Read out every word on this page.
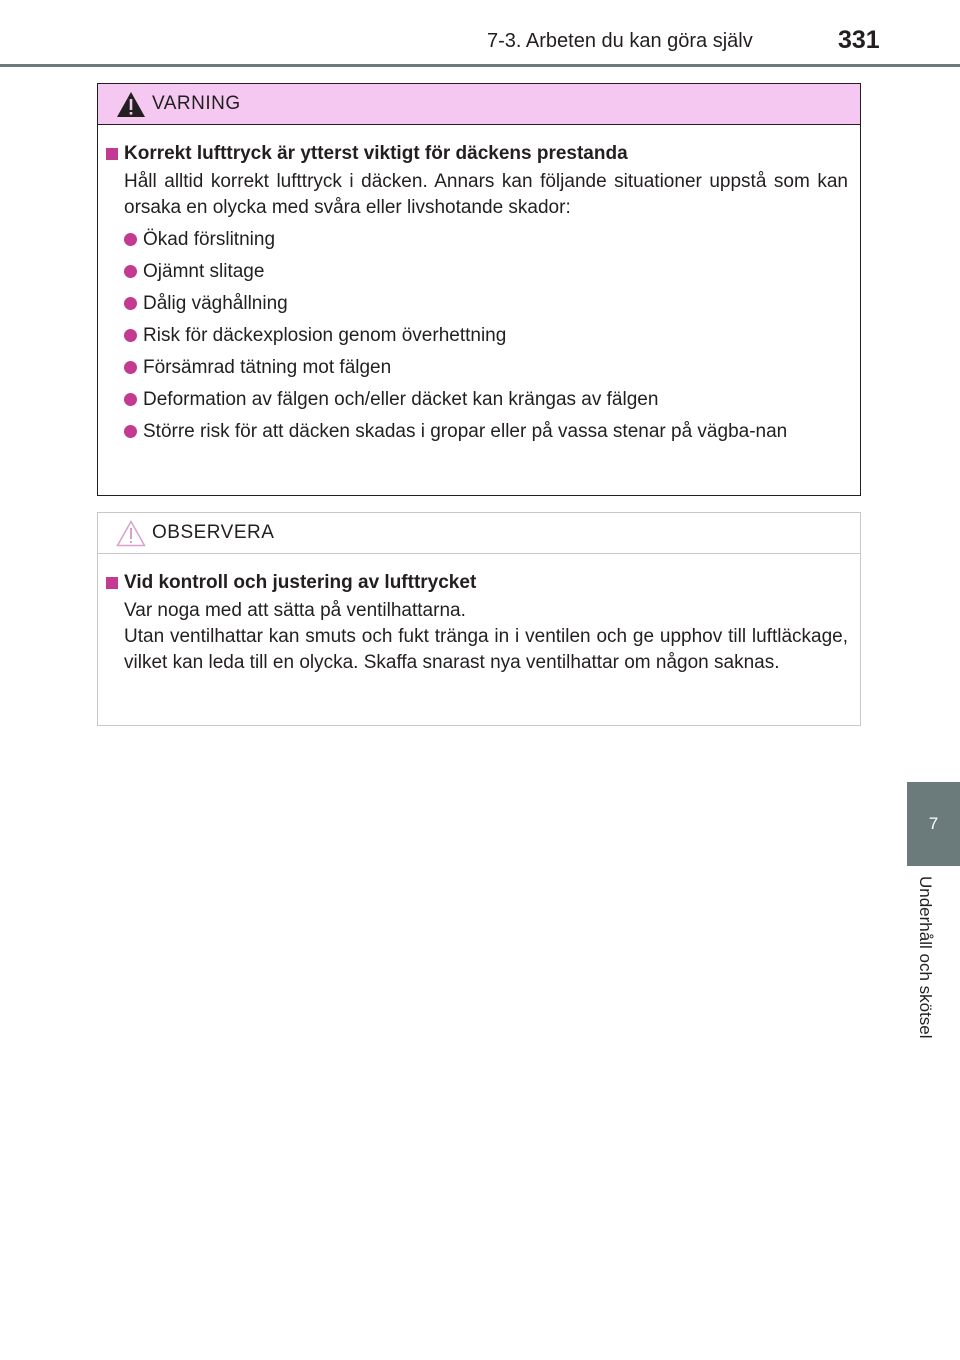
7-3. Arbeten du kan göra själv	331
7
Underhåll och skötsel
VARNING
Korrekt lufttryck är ytterst viktigt för däckens prestanda
Håll alltid korrekt lufttryck i däcken. Annars kan följande situationer uppstå som kan orsaka en olycka med svåra eller livshotande skador:
Ökad förslitning
Ojämnt slitage
Dålig väghållning
Risk för däckexplosion genom överhettning
Försämrad tätning mot fälgen
Deformation av fälgen och/eller däcket kan krängas av fälgen
Större risk för att däcken skadas i gropar eller på vassa stenar på vägba-nan
OBSERVERA
Vid kontroll och justering av lufttrycket
Var noga med att sätta på ventilhattarna.
Utan ventilhattar kan smuts och fukt tränga in i ventilen och ge upphov till luftläckage, vilket kan leda till en olycka. Skaffa snarast nya ventilhattar om någon saknas.
